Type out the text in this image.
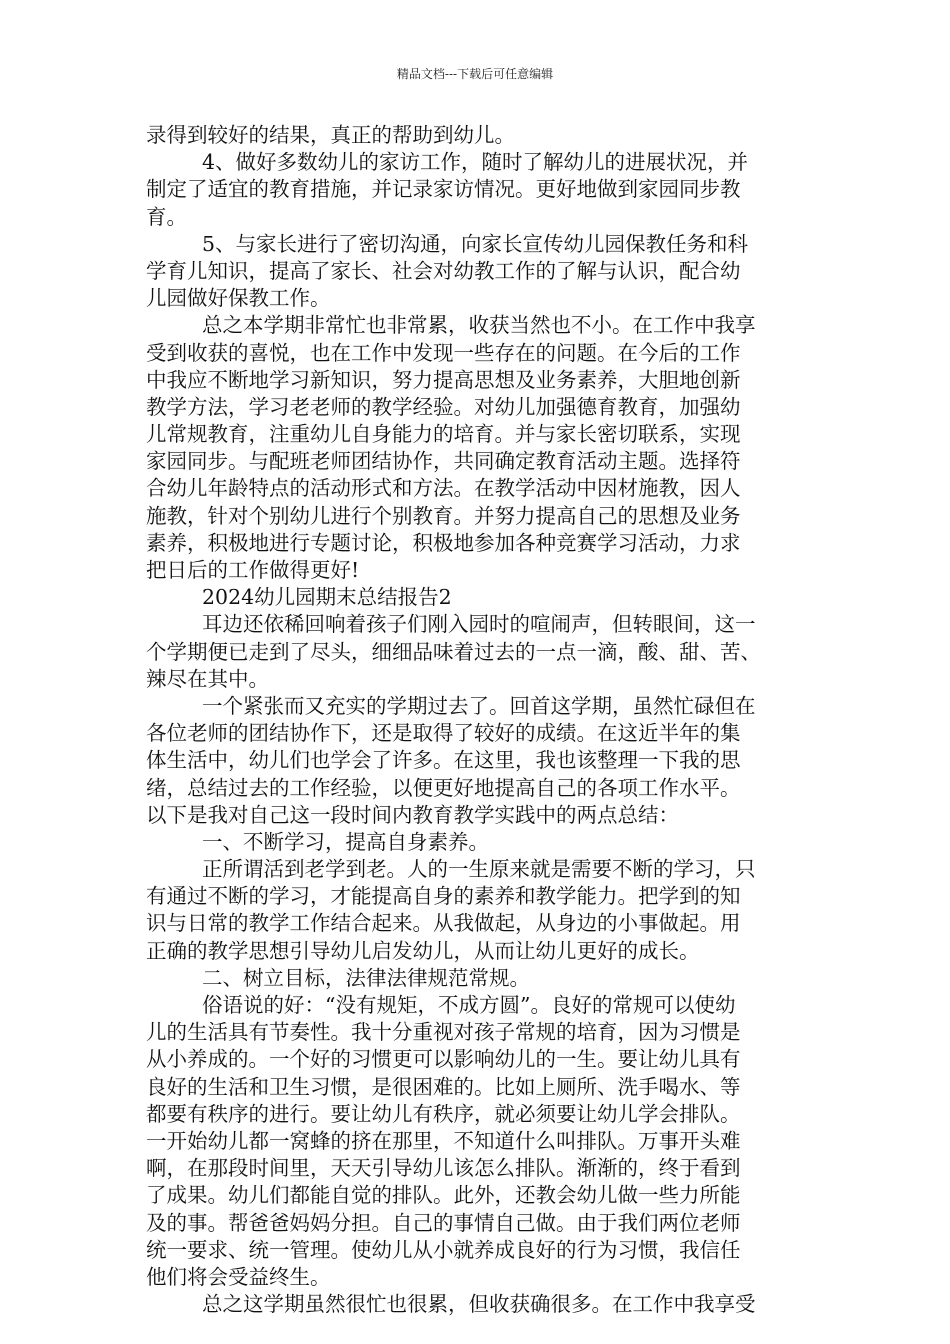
精品文档---下载后可任意编辑
录得到较好的结果，真正的帮助到幼儿。
4、做好多数幼儿的家访工作，随时了解幼儿的进展状况，并
制定了适宜的教育措施，并记录家访情况。更好地做到家园同步教
育。
5、与家长进行了密切沟通，向家长宣传幼儿园保教任务和科
学育儿知识，提高了家长、社会对幼教工作的了解与认识，配合幼
儿园做好保教工作。
总之本学期非常忙也非常累，收获当然也不小。在工作中我享
受到收获的喜悦，也在工作中发现一些存在的问题。在今后的工作
中我应不断地学习新知识，努力提高思想及业务素养，大胆地创新
教学方法，学习老老师的教学经验。对幼儿加强德育教育，加强幼
儿常规教育，注重幼儿自身能力的培育。并与家长密切联系，实现
家园同步。与配班老师团结协作，共同确定教育活动主题。选择符
合幼儿年龄特点的活动形式和方法。在教学活动中因材施教，因人
施教，针对个别幼儿进行个别教育。并努力提高自己的思想及业务
素养，积极地进行专题讨论，积极地参加各种竞赛学习活动，力求
把日后的工作做得更好!
2024幼儿园期末总结报告2
耳边还依稀回响着孩子们刚入园时的喧闹声，但转眼间，这一
个学期便已走到了尽头，细细品味着过去的一点一滴，酸、甜、苦、
辣尽在其中。
一个紧张而又充实的学期过去了。回首这学期，虽然忙碌但在
各位老师的团结协作下，还是取得了较好的成绩。在这近半年的集
体生活中，幼儿们也学会了许多。在这里，我也该整理一下我的思
绪，总结过去的工作经验，以便更好地提高自己的各项工作水平。
以下是我对自己这一段时间内教育教学实践中的两点总结：
一、不断学习，提高自身素养。
正所谓活到老学到老。人的一生原来就是需要不断的学习，只
有通过不断的学习，才能提高自身的素养和教学能力。把学到的知
识与日常的教学工作结合起来。从我做起，从身边的小事做起。用
正确的教学思想引导幼儿启发幼儿，从而让幼儿更好的成长。
二、树立目标，法律法律规范常规。
俗语说的好：“没有规矩，不成方圆”。良好的常规可以使幼
儿的生活具有节奏性。我十分重视对孩子常规的培育，因为习惯是
从小养成的。一个好的习惯更可以影响幼儿的一生。要让幼儿具有
良好的生活和卫生习惯，是很困难的。比如上厕所、洗手喝水、等
都要有秩序的进行。要让幼儿有秩序，就必须要让幼儿学会排队。
一开始幼儿都一窝蜂的挤在那里，不知道什么叫排队。万事开头难
啊，在那段时间里，天天引导幼儿该怎么排队。渐渐的，终于看到
了成果。幼儿们都能自觉的排队。此外，还教会幼儿做一些力所能
及的事。帮爸爸妈妈分担。自己的事情自己做。由于我们两位老师
统一要求、统一管理。使幼儿从小就养成良好的行为习惯，我信任
他们将会受益终生。
总之这学期虽然很忙也很累，但收获确很多。在工作中我享受
